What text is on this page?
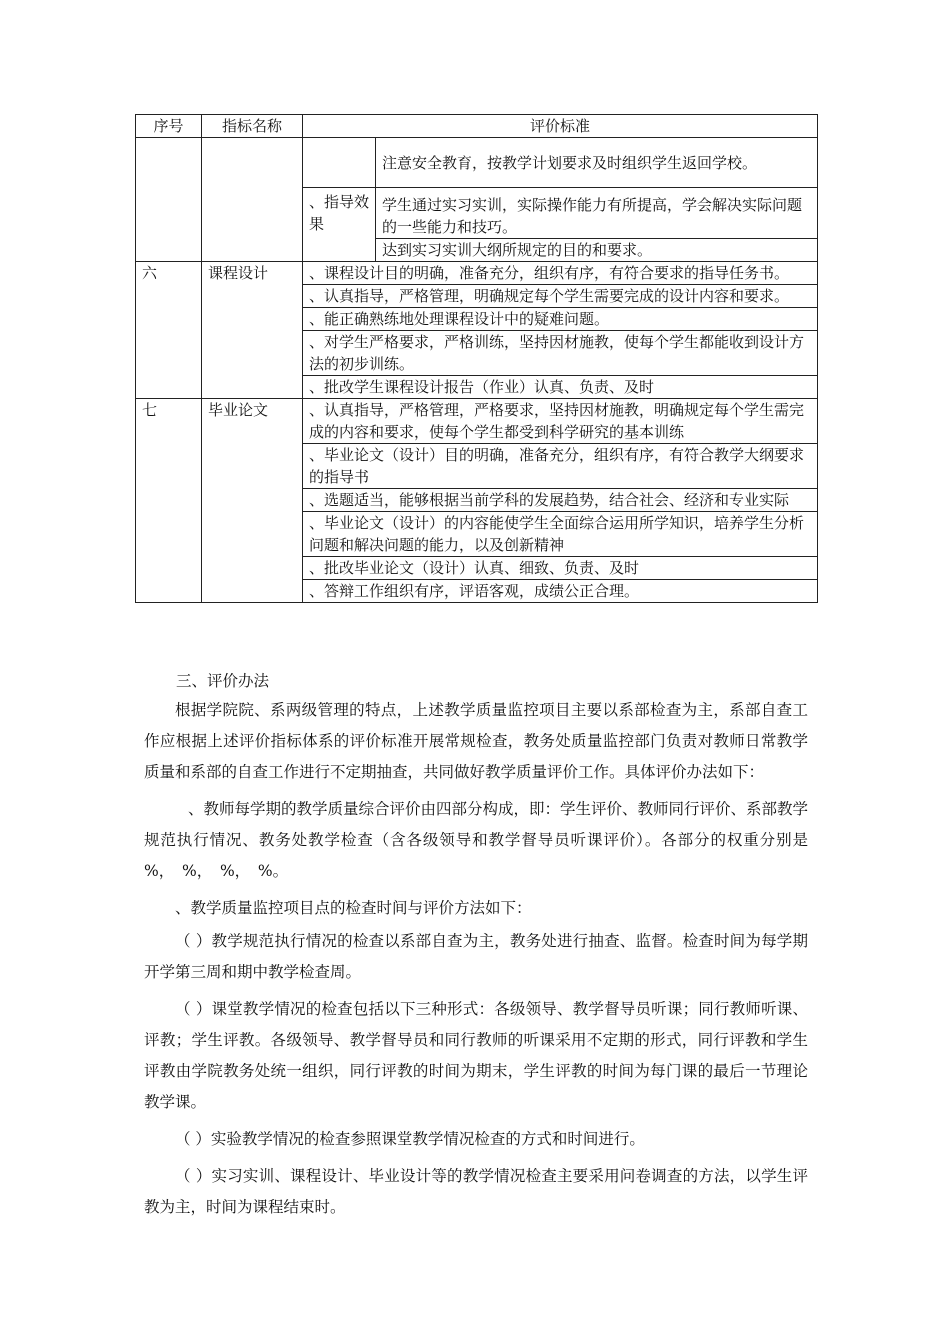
序号	指标名称	评价标准	
			注意安全教育，按教学计划要求及时组织学生返回学校。
		、指导效果	学生通过实习实训，实际操作能力有所提高，学会解决实际问题的一些能力和技巧。
			达到实习实训大纲所规定的目的和要求。
六	课程设计	、课程设计目的明确，准备充分，组织有序，有符合要求的指导任务书。	
		、认真指导，严格管理，明确规定每个学生需要完成的设计内容和要求。	
		、能正确熟练地处理课程设计中的疑难问题。	
		、对学生严格要求，严格训练，坚持因材施教，使每个学生都能收到设计方法的初步训练。	
		、批改学生课程设计报告（作业）认真、负责、及时	
七	毕业论文	、认真指导，严格管理，严格要求，坚持因材施教，明确规定每个学生需完成的内容和要求，使每个学生都受到科学研究的基本训练	
		、毕业论文（设计）目的明确，准备充分，组织有序，有符合教学大纲要求的指导书	
		、选题适当，能够根据当前学科的发展趋势，结合社会、经济和专业实际	
		、毕业论文（设计）的内容能使学生全面综合运用所学知识，培养学生分析问题和解决问题的能力，以及创新精神	
		、批改毕业论文（设计）认真、细致、负责、及时	
		、答辩工作组织有序，评语客观，成绩公正合理。	
三、评价办法

根据学院院、系两级管理的特点，上述教学质量监控项目主要以系部检查为主，系部自查工作应根据上述评价指标体系的评价标准开展常规检查，教务处质量监控部门负责对教师日常教学质量和系部的自查工作进行不定期抽查，共同做好教学质量评价工作。具体评价办法如下：

、教师每学期的教学质量综合评价由四部分构成，即：学生评价、教师同行评价、系部教学规范执行情况、教务处教学检查（含各级领导和教学督导员听课评价）。各部分的权重分别是　%，　%，　%，　%。

、教学质量监控项目点的检查时间与评价方法如下：

（ ）教学规范执行情况的检查以系部自查为主，教务处进行抽查、监督。检查时间为每学期开学第三周和期中教学检查周。

（ ）课堂教学情况的检查包括以下三种形式：各级领导、教学督导员听课；同行教师听课、评教；学生评教。各级领导、教学督导员和同行教师的听课采用不定期的形式，同行评教和学生评教由学院教务处统一组织，同行评教的时间为期末，学生评教的时间为每门课的最后一节理论教学课。

（ ）实验教学情况的检查参照课堂教学情况检查的方式和时间进行。

（ ）实习实训、课程设计、毕业设计等的教学情况检查主要采用问卷调查的方法，以学生评教为主，时间为课程结束时。
